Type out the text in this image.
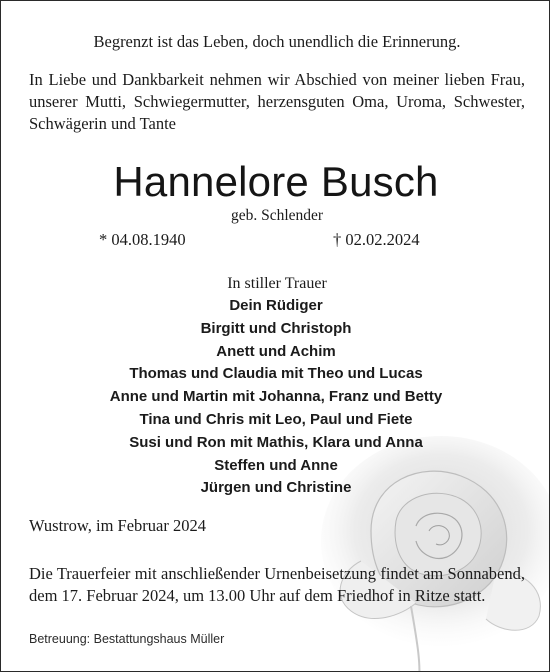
Begrenzt ist das Leben, doch unendlich die Erinnerung.

In Liebe und Dankbarkeit nehmen wir Abschied von meiner lieben Frau, unserer Mutti, Schwiegermutter, herzensguten Oma, Uroma, Schwester, Schwägerin und Tante

Hannelore Busch

geb. Schlender

* 04.08.1940	† 02.02.2024

In stiller Trauer

Dein Rüdiger
Birgitt und Christoph
Anett und Achim
Thomas und Claudia mit Theo und Lucas
Anne und Martin mit Johanna, Franz und Betty
Tina und Chris mit Leo, Paul und Fiete
Susi und Ron mit Mathis, Klara und Anna
Steffen und Anne
Jürgen und Christine

Wustrow, im Februar 2024

Die Trauerfeier mit anschließender Urnenbeisetzung findet am Sonnabend, dem 17. Februar 2024, um 13.00 Uhr auf dem Friedhof in Ritze statt.

Betreuung: Bestattungshaus Müller
